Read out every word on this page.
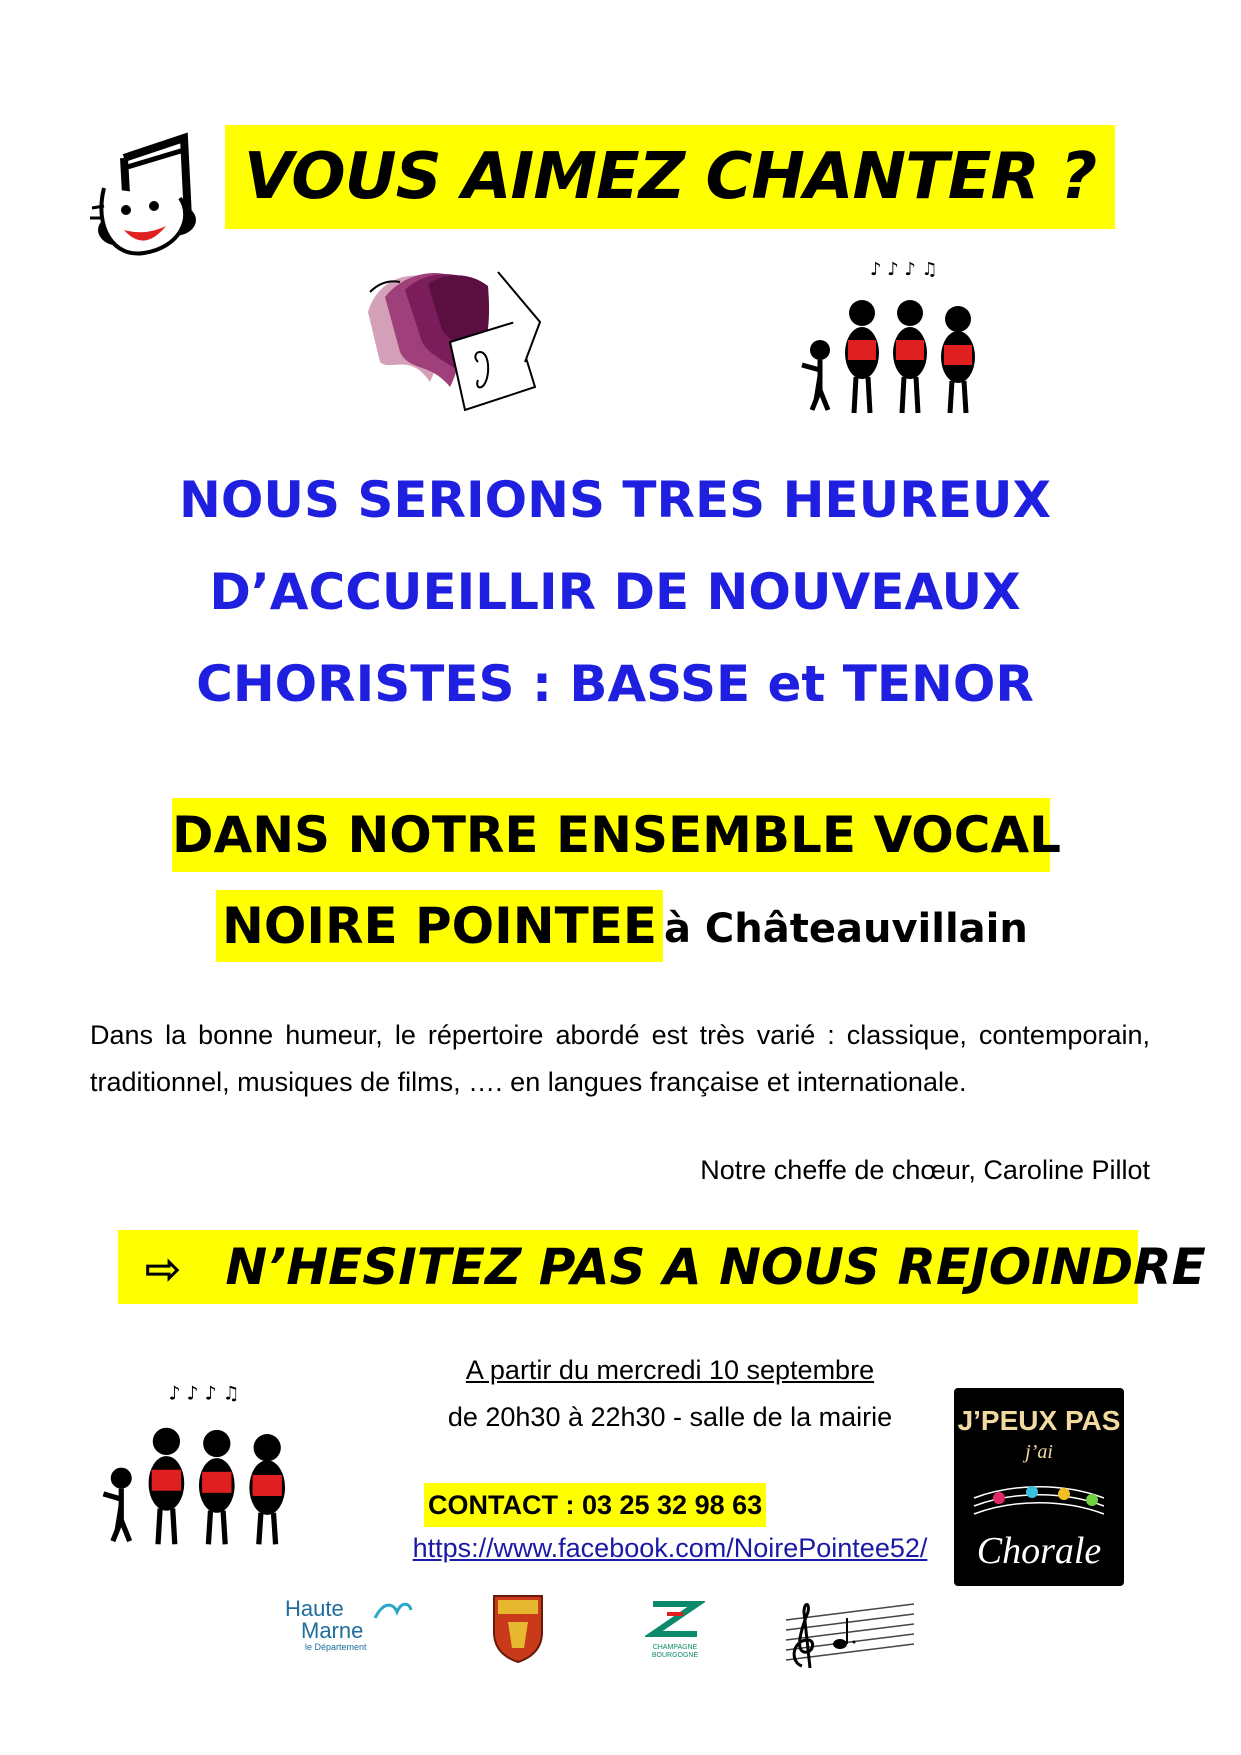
VOUS AIMEZ CHANTER ?
♪ ♪ ♪ ♫
NOUS SERIONS TRES HEUREUX
D’ACCUEILLIR DE NOUVEAUX
CHORISTES : BASSE et TENOR
DANS NOTRE ENSEMBLE VOCAL
NOIRE POINTEE à Châteauvillain
Dans la bonne humeur, le répertoire abordé est très varié : classique, contemporain, traditionnel, musiques de films, …. en langues française et internationale.
Notre cheffe de chœur, Caroline Pillot
⇨ N’HESITEZ PAS A NOUS REJOINDRE
♪ ♪ ♪ ♫
A partir du mercredi 10 septembre
de 20h30 à 22h30 - salle de la mairie
CONTACT : 03 25 32 98 63
https://www.facebook.com/NoirePointee52/
J’PEUX PAS
j’ai
Chorale
Haute
Marne
le Département	CHAMPAGNE BOURGOGNE
